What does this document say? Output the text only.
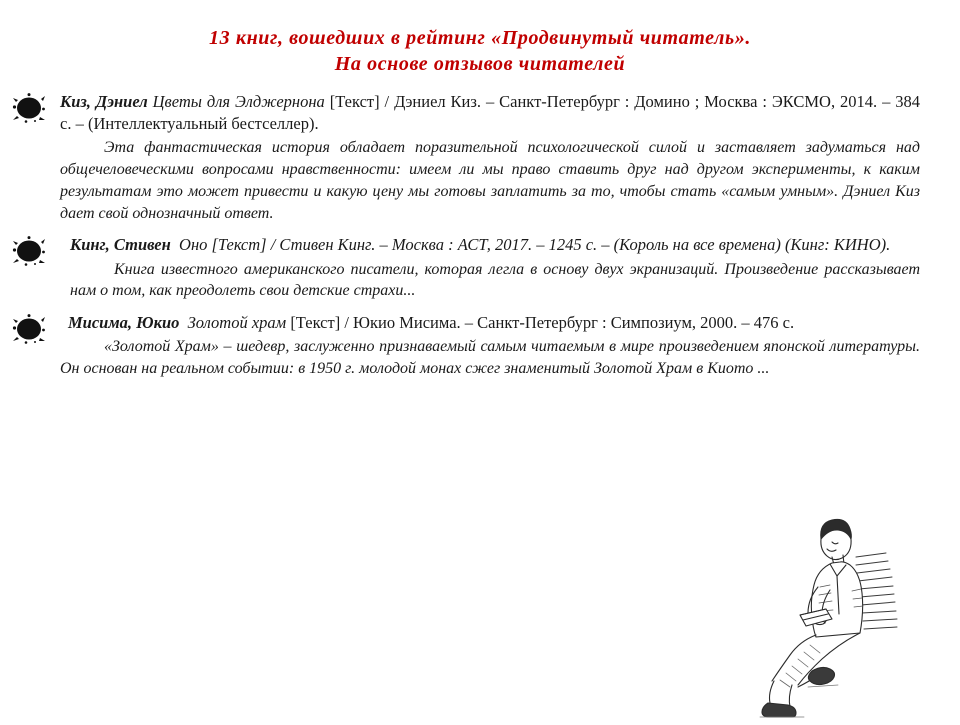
13 книг, вошедших в рейтинг «Продвинутый читатель».
На основе отзывов читателей

Киз, Дэниел Цветы для Элджернона [Текст] / Дэниел Киз. – Санкт-Петербург : Домино ; Москва : ЭКСМО, 2014. – 384 с. – (Интеллектуальный бестселлер).

Эта фантастическая история обладает поразительной психологической силой и заставляет задуматься над общечеловеческими вопросами нравственности: имеем ли мы право ставить друг над другом эксперименты, к каким результатам это может привести и какую цену мы готовы заплатить за то, чтобы стать «самым умным». Дэниел Киз дает свой однозначный ответ.

Кинг, Стивен Оно [Текст] / Стивен Кинг. – Москва : АСТ, 2017. – 1245 с. – (Король на все времена) (Кинг: КИНО).

Книга известного американского писатели, которая легла в основу двух экранизаций. Произведение рассказывает нам о том, как преодолеть свои детские страхи...

Мисима, Юкио Золотой храм [Текст] / Юкио Мисима. – Санкт-Петербург : Симпозиум, 2000. – 476 с.

«Золотой Храм» – шедевр, заслуженно признаваемый самым читаемым в мире произведением японской литературы. Он основан на реальном событии: в 1950 г. молодой монах сжег знаменитый Золотой Храм в Киото ...
